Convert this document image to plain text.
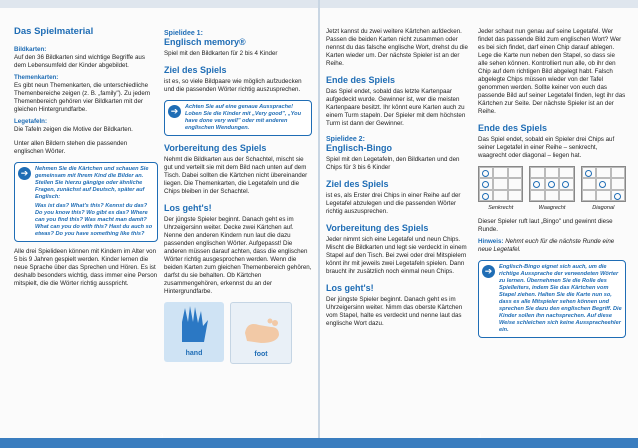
Das Spielmaterial
Bildkarten:

Auf den 36 Bildkarten sind wichtige Begriffe aus dem Lebensumfeld der Kinder abgebildet.

Themenkarten:

Es gibt neun Themenkarten, die unterschiedliche Themenbereiche zeigen (z. B. „family"). Zu jedem Themenbereich gehören vier Bildkarten mit der gleichen Hintergrundfarbe.

Legetafeln:

Die Tafeln zeigen die Motive der Bildkarten.

Unter allen Bildern stehen die passenden englischen Wörter.

➔	Nehmen Sie die Kärtchen und schauen Sie gemeinsam mit Ihrem Kind die Bilder an. Stellen Sie hierzu gängige oder ähnliche Fragen, zunächst auf Deutsch, später auf Englisch:
Was ist das? What's this? Kennst du das? Do you know this? Wo gibt es das? Where can you find this? Was macht man damit? What can you do with this? Hast du auch so etwas? Do you have something like this?

Alle drei Spielideen können mit Kindern im Alter von 5 bis 9 Jahren gespielt werden. Kinder lernen die neue Sprache über das Sprechen und Hören. Es ist deshalb besonders wichtig, dass immer eine Person mitspielt, die die Wörter richtig ausspricht.

Spielidee 1:
Englisch memory®

Spiel mit den Bildkarten für 2 bis 4 Kinder

Ziel des Spiels

ist es, so viele Bildpaare wie möglich aufzudecken und die passenden Wörter richtig auszusprechen.

➔	Achten Sie auf eine genaue Aussprache! Loben Sie die Kinder mit „Very good", „You have done very well" oder mit anderen englischen Wendungen.
Vorbereitung des Spiels

Nehmt die Bildkarten aus der Schachtel, mischt sie gut und verteilt sie mit dem Bild nach unten auf dem Tisch. Dabei sollten die Kärtchen nicht übereinander liegen. Die Themenkarten, die Legetafeln und die Chips bleiben in der Schachtel.

Los geht's!

Der jüngste Spieler beginnt. Danach geht es im Uhrzeigersinn weiter. Decke zwei Kärtchen auf. Nenne den anderen Kindern nun laut die dazu passenden englischen Wörter. Aufgepasst! Die anderen müssen darauf achten, dass die englischen Wörter richtig ausgesprochen werden. Wenn die beiden Karten zum gleichen Themenbereich gehören, darfst du sie behalten. Ob Kärtchen zusammengehören, erkennst du an der Hintergrundfarbe.

hand	foot

Jetzt kannst du zwei weitere Kärtchen aufdecken. Passen die beiden Karten nicht zusammen oder nennst du das falsche englische Wort, drehst du die Karten wieder um. Der nächste Spieler ist an der Reihe.

Ende des Spiels

Das Spiel endet, sobald das letzte Kartenpaar aufgedeckt wurde. Gewinner ist, wer die meisten Kartenpaare besitzt. Ihr könnt eure Karten auch zu einem Turm stapeln. Der Spieler mit dem höchsten Turm ist dann der Gewinner.

Spielidee 2:
Englisch-Bingo

Spiel mit den Legetafeln, den Bildkarten und den Chips für 3 bis 6 Kinder

Ziel des Spiels

ist es, als Erster drei Chips in einer Reihe auf der Legetafel abzulegen und die passenden Wörter richtig auszusprechen.

Vorbereitung des Spiels

Jeder nimmt sich eine Legetafel und neun Chips. Mischt die Bildkarten und legt sie verdeckt in einem Stapel auf den Tisch. Bei zwei oder drei Mitspielern könnt ihr mit jeweils zwei Legetafeln spielen. Dann braucht ihr zusätzlich noch einmal neun Chips.

Los geht's!

Der jüngste Spieler beginnt. Danach geht es im Uhrzeigersinn weiter. Nimm das oberste Kärtchen vom Stapel, halte es verdeckt und nenne laut das englische Wort dazu.

Jeder schaut nun genau auf seine Legetafel. Wer findet das passende Bild zum englischen Wort? Wer es bei sich findet, darf einen Chip darauf ablegen. Lege die Karte nun neben den Stapel, so dass sie alle sehen können. Kontrolliert nun alle, ob ihr den Chip auf dem richtigen Bild abgelegt habt. Falsch abgelegte Chips müssen wieder von der Tafel genommen werden. Sollte keiner von euch das passende Bild auf seiner Legetafel finden, legt ihr das Kärtchen zur Seite. Der nächste Spieler ist an der Reihe.

Ende des Spiels

Das Spiel endet, sobald ein Spieler drei Chips auf seiner Legetafel in einer Reihe – senkrecht, waagrecht oder diagonal – liegen hat.

Senkrecht	Waagrecht	Diagonal

Dieser Spieler ruft laut „Bingo" und gewinnt diese Runde.

Hinweis: Nehmt euch für die nächste Runde eine neue Legetafel.

➔	Englisch-Bingo eignet sich auch, um die richtige Aussprache der verwendeten Wörter zu lernen. Übernehmen Sie die Rolle des Spielleiters, indem Sie das Kärtchen vom Stapel ziehen. Halten Sie die Karte nun so, dass es alle Mitspieler sehen können und sprechen Sie dazu den englischen Begriff. Die Kinder sollen ihn nachsprechen. Auf diese Weise schleichen sich keine Ausspracheehler ein.
3	4
